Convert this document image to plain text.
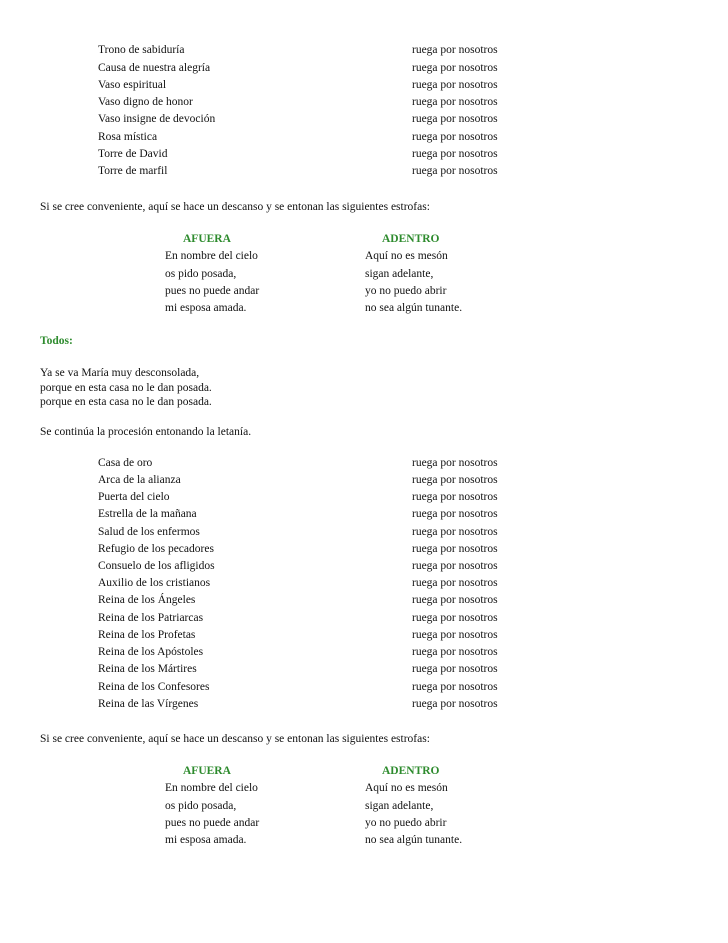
Trono de sabiduría	ruega por nosotros
Causa de nuestra alegría	ruega por nosotros
Vaso espiritual	ruega por nosotros
Vaso digno de honor	ruega por nosotros
Vaso insigne de devoción	ruega por nosotros
Rosa mística	ruega por nosotros
Torre de David	ruega por nosotros
Torre de marfil	ruega por nosotros
Si se cree conveniente, aquí se hace un descanso y se entonan las siguientes estrofas:
AFUERA	ADENTRO
En nombre del cielo	Aquí no es mesón
os pido posada,	sigan adelante,
pues no puede andar	yo no puedo abrir
mi esposa amada.	no sea algún tunante.
Todos:
Ya se va María muy desconsolada,
porque en esta casa no le dan posada.
porque en esta casa no le dan posada.
Se continúa la procesión entonando la letanía.
Casa de oro	ruega por nosotros
Arca de la alianza	ruega por nosotros
Puerta del cielo	ruega por nosotros
Estrella de la mañana	ruega por nosotros
Salud de los enfermos	ruega por nosotros
Refugio de los pecadores	ruega por nosotros
Consuelo de los afligidos	ruega por nosotros
Auxilio de los cristianos	ruega por nosotros
Reina de los Ángeles	ruega por nosotros
Reina de los Patriarcas	ruega por nosotros
Reina de los Profetas	ruega por nosotros
Reina de los Apóstoles	ruega por nosotros
Reina de los Mártires	ruega por nosotros
Reina de los Confesores	ruega por nosotros
Reina de las Vírgenes	ruega por nosotros
Si se cree conveniente, aquí se hace un descanso y se entonan las siguientes estrofas:
AFUERA	ADENTRO
En nombre del cielo	Aquí no es mesón
os pido posada,	sigan adelante,
pues no puede andar	yo no puedo abrir
mi esposa amada.	no sea algún tunante.
